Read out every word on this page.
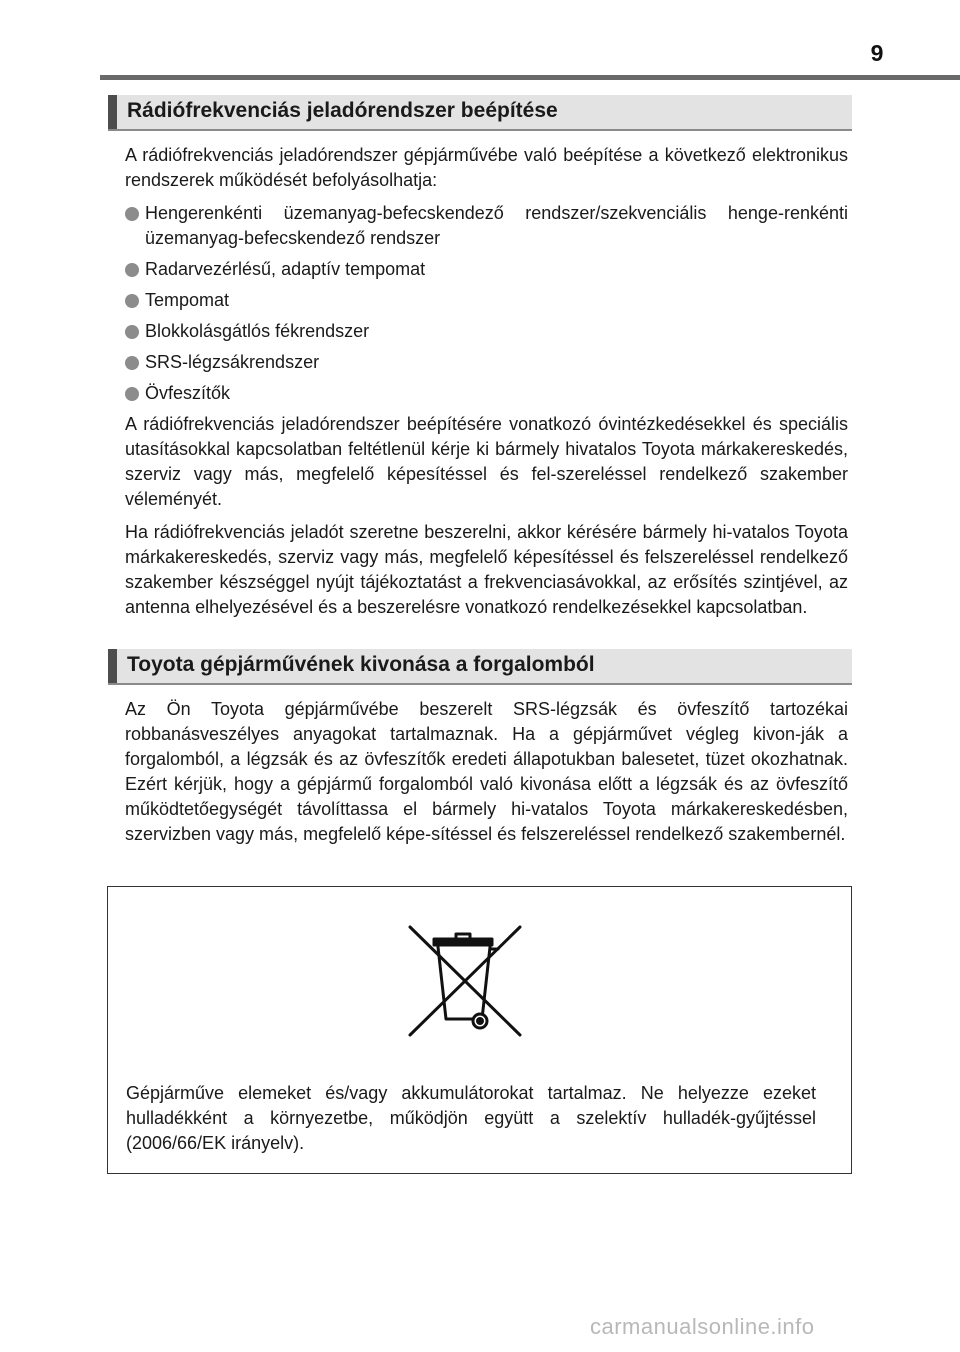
9
Rádiófrekvenciás jeladórendszer beépítése

A rádiófrekvenciás jeladórendszer gépjárművébe való beépítése a következő elektronikus rendszerek működését befolyásolhatja:

Hengerenkénti üzemanyag-befecskendező rendszer/szekvenciális henge-renkénti üzemanyag-befecskendező rendszer
Radarvezérlésű, adaptív tempomat
Tempomat
Blokkolásgátlós fékrendszer
SRS-légzsákrendszer
Övfeszítők

A rádiófrekvenciás jeladórendszer beépítésére vonatkozó óvintézkedésekkel és speciális utasításokkal kapcsolatban feltétlenül kérje ki bármely hivatalos Toyota márkakereskedés, szerviz vagy más, megfelelő képesítéssel és fel-szereléssel rendelkező szakember véleményét.

Ha rádiófrekvenciás jeladót szeretne beszerelni, akkor kérésére bármely hi-vatalos Toyota márkakereskedés, szerviz vagy más, megfelelő képesítéssel és felszereléssel rendelkező szakember készséggel nyújt tájékoztatást a frekvenciasávokkal, az erősítés szintjével, az antenna elhelyezésével és a beszerelésre vonatkozó rendelkezésekkel kapcsolatban.

Toyota gépjárművének kivonása a forgalomból

Az Ön Toyota gépjárművébe beszerelt SRS-légzsák és övfeszítő tartozékai robbanásveszélyes anyagokat tartalmaznak. Ha a gépjárművet végleg kivon-ják a forgalomból, a légzsák és az övfeszítők eredeti állapotukban balesetet, tüzet okozhatnak. Ezért kérjük, hogy a gépjármű forgalomból való kivonása előtt a légzsák és az övfeszítő működtetőegységét távolíttassa el bármely hi-vatalos Toyota márkakereskedésben, szervizben vagy más, megfelelő képe-sítéssel és felszereléssel rendelkező szakembernél.

Gépjárműve elemeket és/vagy akkumulátorokat tartalmaz. Ne helyezze ezeket hulladékként a környezetbe, működjön együtt a szelektív hulladék-gyűjtéssel (2006/66/EK irányelv).
carmanualsonline.info
